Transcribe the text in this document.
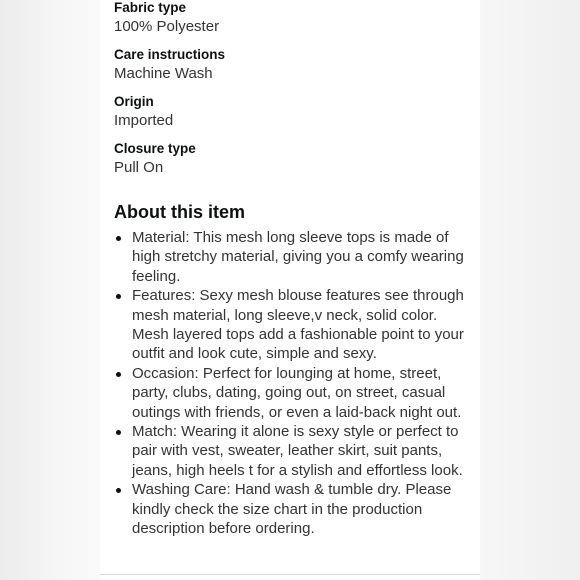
Fabric type
100% Polyester
Care instructions
Machine Wash
Origin
Imported
Closure type
Pull On
About this item
Material: This mesh long sleeve tops is made of high stretchy material, giving you a comfy wearing feeling.
Features: Sexy mesh blouse features see through mesh material, long sleeve,v neck, solid color. Mesh layered tops add a fashionable point to your outfit and look cute, simple and sexy.
Occasion: Perfect for lounging at home, street, party, clubs, dating, going out, on street, casual outings with friends, or even a laid-back night out.
Match: Wearing it alone is sexy style or perfect to pair with vest, sweater, leather skirt, suit pants, jeans, high heels t for a stylish and effortless look.
Washing Care: Hand wash & tumble dry. Please kindly check the size chart in the production description before ordering.
